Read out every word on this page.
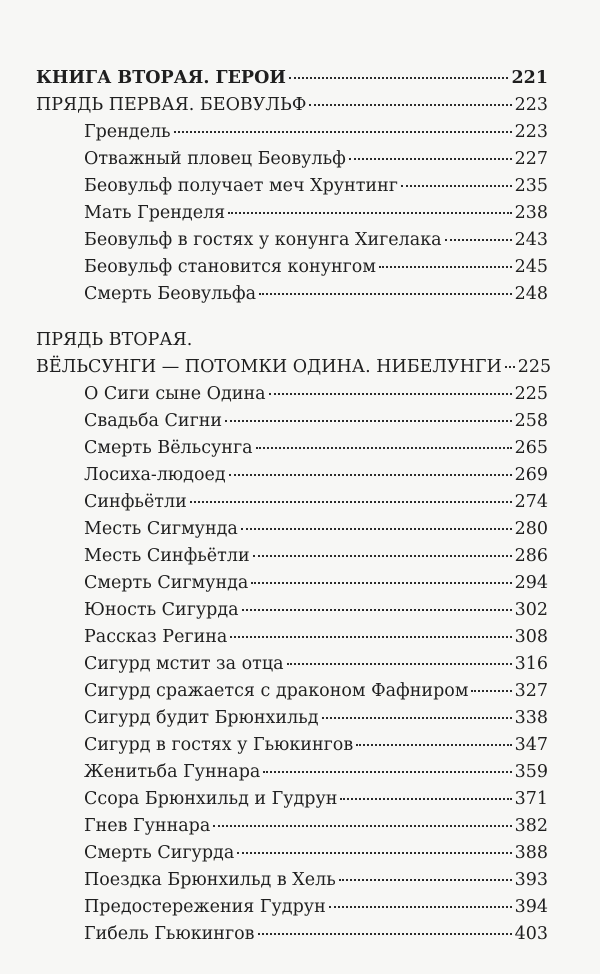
КНИГА ВТОРАЯ. ГЕРОИ	221
ПРЯДЬ ПЕРВАЯ. БЕОВУЛЬФ	223
Грендель	223
Отважный пловец Беовульф	227
Беовульф получает меч Хрунтинг	235
Мать Гренделя	238
Беовульф в гостях у конунга Хигелака	243
Беовульф становится конунгом	245
Смерть Беовульфа	248
ПРЯДЬ ВТОРАЯ.
ВЁЛЬСУНГИ — ПОТОМКИ ОДИНА. НИБЕЛУНГИ 225
О Сиги сыне Одина	225
Свадьба Сигни	258
Смерть Вёльсунга	265
Лосиха-людоед	269
Синфьётли	274
Месть Сигмунда	280
Месть Синфьётли	286
Смерть Сигмунда	294
Юность Сигурда	302
Рассказ Регина	308
Сигурд мстит за отца	316
Сигурд сражается с драконом Фафниром	327
Сигурд будит Брюнхильд	338
Сигурд в гостях у Гьюкингов	347
Женитьба Гуннара	359
Ссора Брюнхильд и Гудрун	371
Гнев Гуннара	382
Смерть Сигурда	388
Поездка Брюнхильд в Хель	393
Предостережения Гудрун	394
Гибель Гьюкингов	403
